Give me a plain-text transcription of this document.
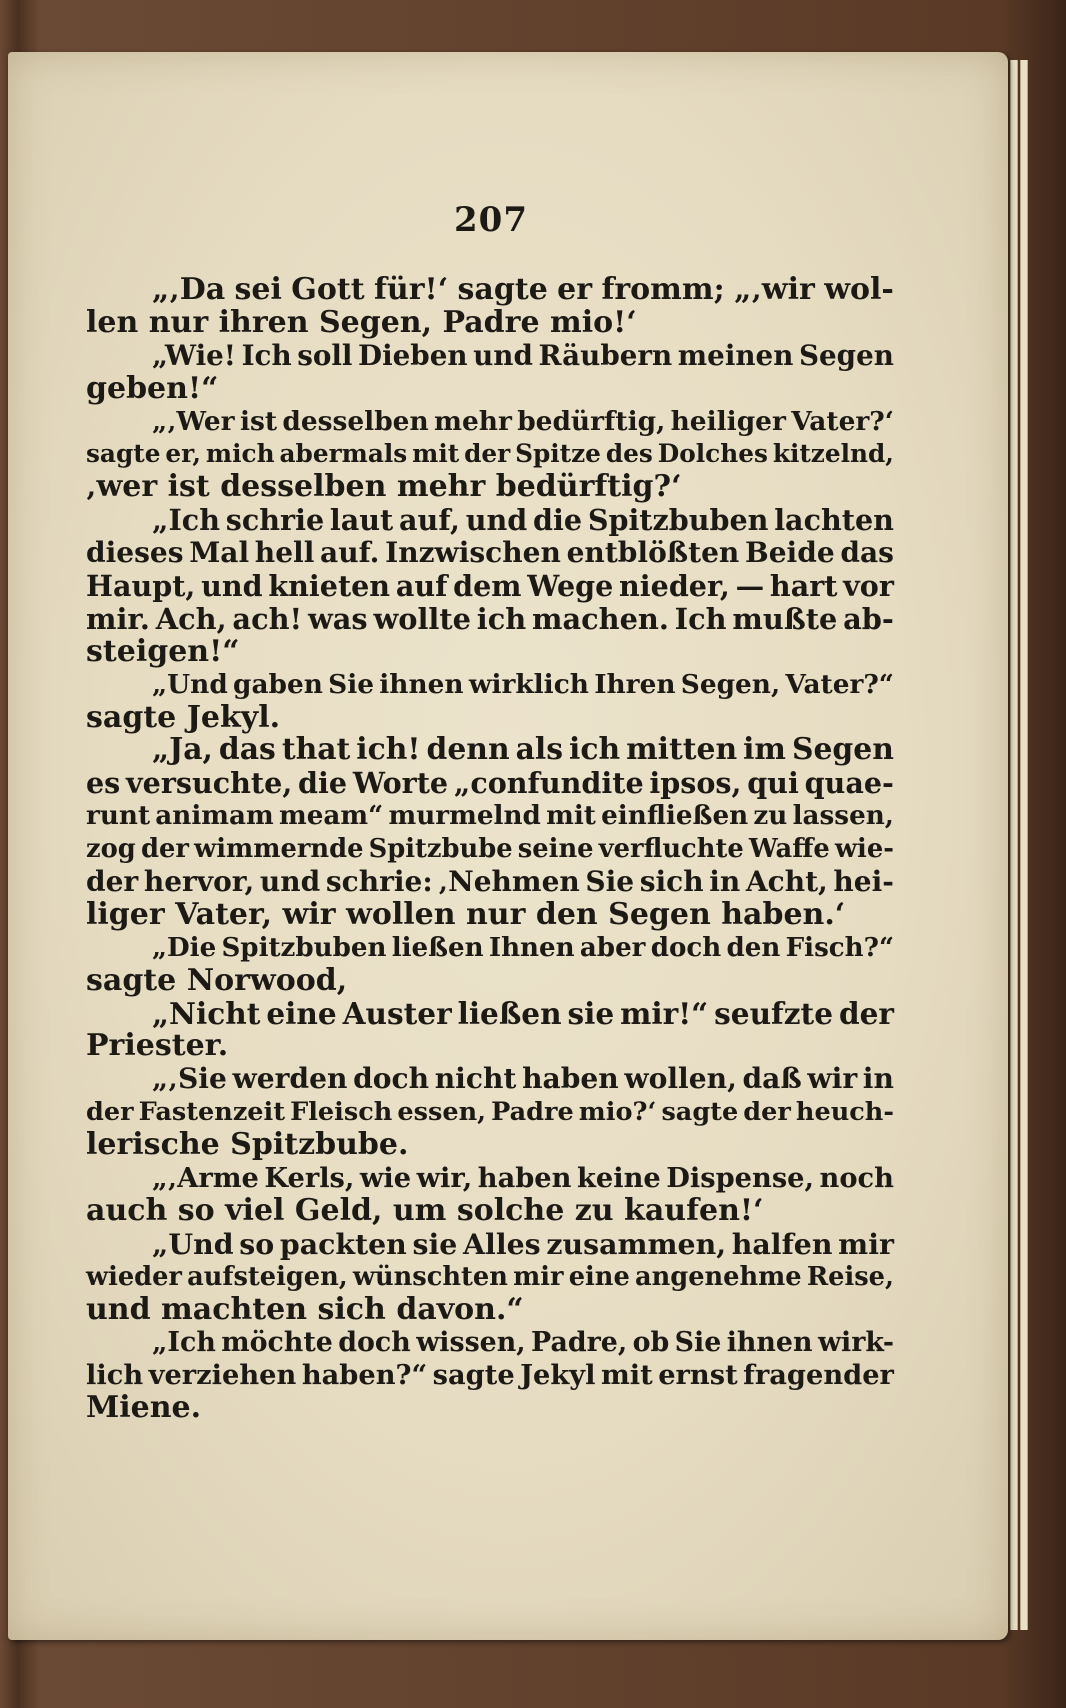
207
„‚Da sei Gott für!‘ sagte er fromm; „‚wir wol-
len nur ihren Segen, Padre mio!‘
„Wie! Ich soll Dieben und Räubern meinen Segen
geben!“
„‚Wer ist desselben mehr bedürftig, heiliger Vater?‘
sagte er, mich abermals mit der Spitze des Dolches kitzelnd,
‚wer ist desselben mehr bedürftig?‘
„Ich schrie laut auf, und die Spitzbuben lachten
dieses Mal hell auf. Inzwischen entblößten Beide das
Haupt, und knieten auf dem Wege nieder, — hart vor
mir. Ach, ach! was wollte ich machen. Ich mußte ab-
steigen!“
„Und gaben Sie ihnen wirklich Ihren Segen, Vater?“
sagte Jekyl.
„Ja, das that ich! denn als ich mitten im Segen
es versuchte, die Worte „confundite ipsos, qui quae-
runt animam meam“ murmelnd mit einfließen zu lassen,
zog der wimmernde Spitzbube seine verfluchte Waffe wie-
der hervor, und schrie: ‚Nehmen Sie sich in Acht, hei-
liger Vater, wir wollen nur den Segen haben.‘
„Die Spitzbuben ließen Ihnen aber doch den Fisch?“
sagte Norwood,
„Nicht eine Auster ließen sie mir!“ seufzte der
Priester.
„‚Sie werden doch nicht haben wollen, daß wir in
der Fastenzeit Fleisch essen, Padre mio?‘ sagte der heuch-
lerische Spitzbube.
„‚Arme Kerls, wie wir, haben keine Dispense, noch
auch so viel Geld, um solche zu kaufen!‘
„Und so packten sie Alles zusammen, halfen mir
wieder aufsteigen, wünschten mir eine angenehme Reise,
und machten sich davon.“
„Ich möchte doch wissen, Padre, ob Sie ihnen wirk-
lich verziehen haben?“ sagte Jekyl mit ernst fragender
Miene.
